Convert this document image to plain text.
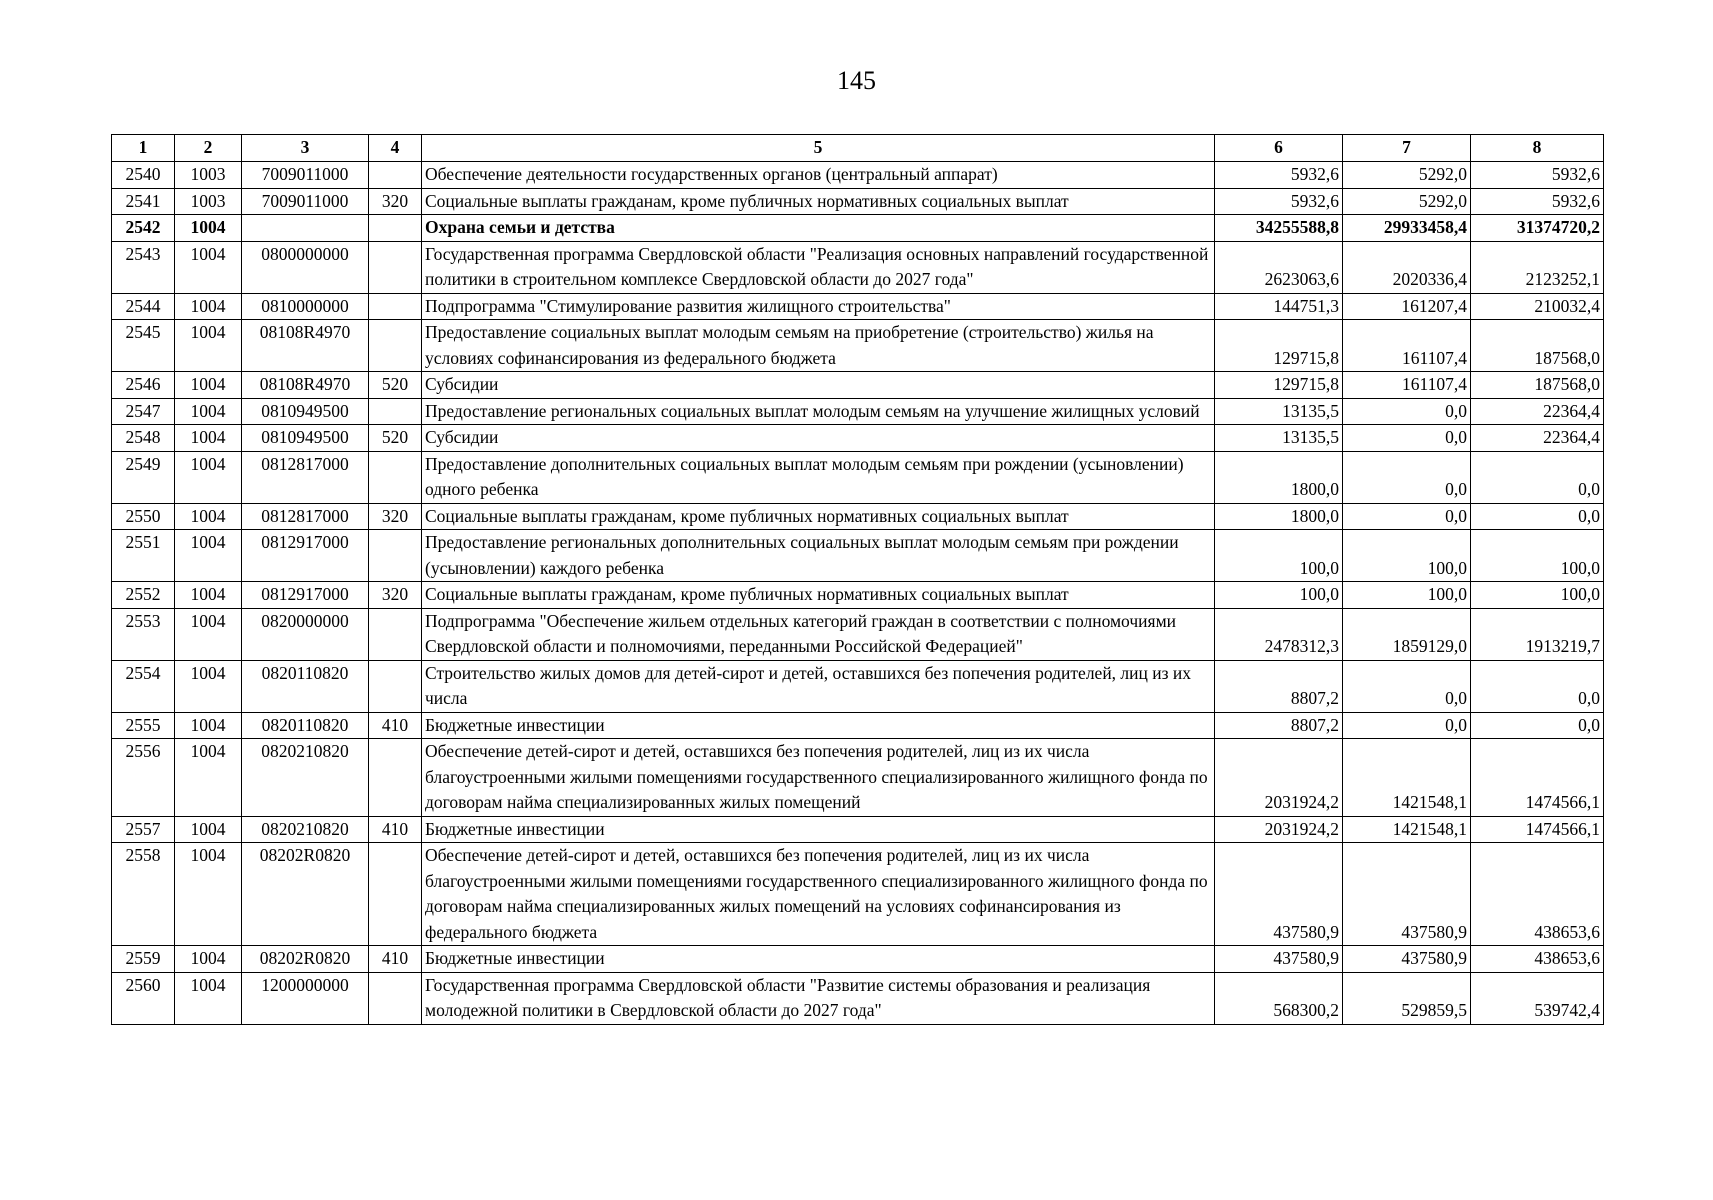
145
1	2	3	4	5	6	7	8
2540	1003	7009011000		Обеспечение деятельности государственных органов (центральный аппарат)	5932,6	5292,0	5932,6
2541	1003	7009011000	320	Социальные выплаты гражданам, кроме публичных нормативных социальных выплат	5932,6	5292,0	5932,6
2542	1004			Охрана семьи и детства	34255588,8	29933458,4	31374720,2
2543	1004	0800000000		Государственная программа Свердловской области "Реализация основных направлений государственной политики в строительном комплексе Свердловской области до 2027 года"	2623063,6	2020336,4	2123252,1
2544	1004	0810000000		Подпрограмма "Стимулирование развития жилищного строительства"	144751,3	161207,4	210032,4
2545	1004	08108R4970		Предоставление социальных выплат молодым семьям на приобретение (строительство) жилья на условиях софинансирования из федерального бюджета	129715,8	161107,4	187568,0
2546	1004	08108R4970	520	Субсидии	129715,8	161107,4	187568,0
2547	1004	0810949500		Предоставление региональных социальных выплат молодым семьям на улучшение жилищных условий	13135,5	0,0	22364,4
2548	1004	0810949500	520	Субсидии	13135,5	0,0	22364,4
2549	1004	0812817000		Предоставление дополнительных социальных выплат молодым семьям при рождении (усыновлении) одного ребенка	1800,0	0,0	0,0
2550	1004	0812817000	320	Социальные выплаты гражданам, кроме публичных нормативных социальных выплат	1800,0	0,0	0,0
2551	1004	0812917000		Предоставление региональных дополнительных социальных выплат молодым семьям при рождении (усыновлении) каждого ребенка	100,0	100,0	100,0
2552	1004	0812917000	320	Социальные выплаты гражданам, кроме публичных нормативных социальных выплат	100,0	100,0	100,0
2553	1004	0820000000		Подпрограмма "Обеспечение жильем отдельных категорий граждан в соответствии с полномочиями Свердловской области и полномочиями, переданными Российской Федерацией"	2478312,3	1859129,0	1913219,7
2554	1004	0820110820		Строительство жилых домов для детей-сирот и детей, оставшихся без попечения родителей, лиц из их числа	8807,2	0,0	0,0
2555	1004	0820110820	410	Бюджетные инвестиции	8807,2	0,0	0,0
2556	1004	0820210820		Обеспечение детей-сирот и детей, оставшихся без попечения родителей, лиц из их числа благоустроенными жилыми помещениями государственного специализированного жилищного фонда по договорам найма специализированных жилых помещений	2031924,2	1421548,1	1474566,1
2557	1004	0820210820	410	Бюджетные инвестиции	2031924,2	1421548,1	1474566,1
2558	1004	08202R0820		Обеспечение детей-сирот и детей, оставшихся без попечения родителей, лиц из их числа благоустроенными жилыми помещениями государственного специализированного жилищного фонда по договорам найма специализированных жилых помещений на условиях софинансирования из федерального бюджета	437580,9	437580,9	438653,6
2559	1004	08202R0820	410	Бюджетные инвестиции	437580,9	437580,9	438653,6
2560	1004	1200000000		Государственная программа Свердловской области "Развитие системы образования и реализация молодежной политики в Свердловской области до 2027 года"	568300,2	529859,5	539742,4
